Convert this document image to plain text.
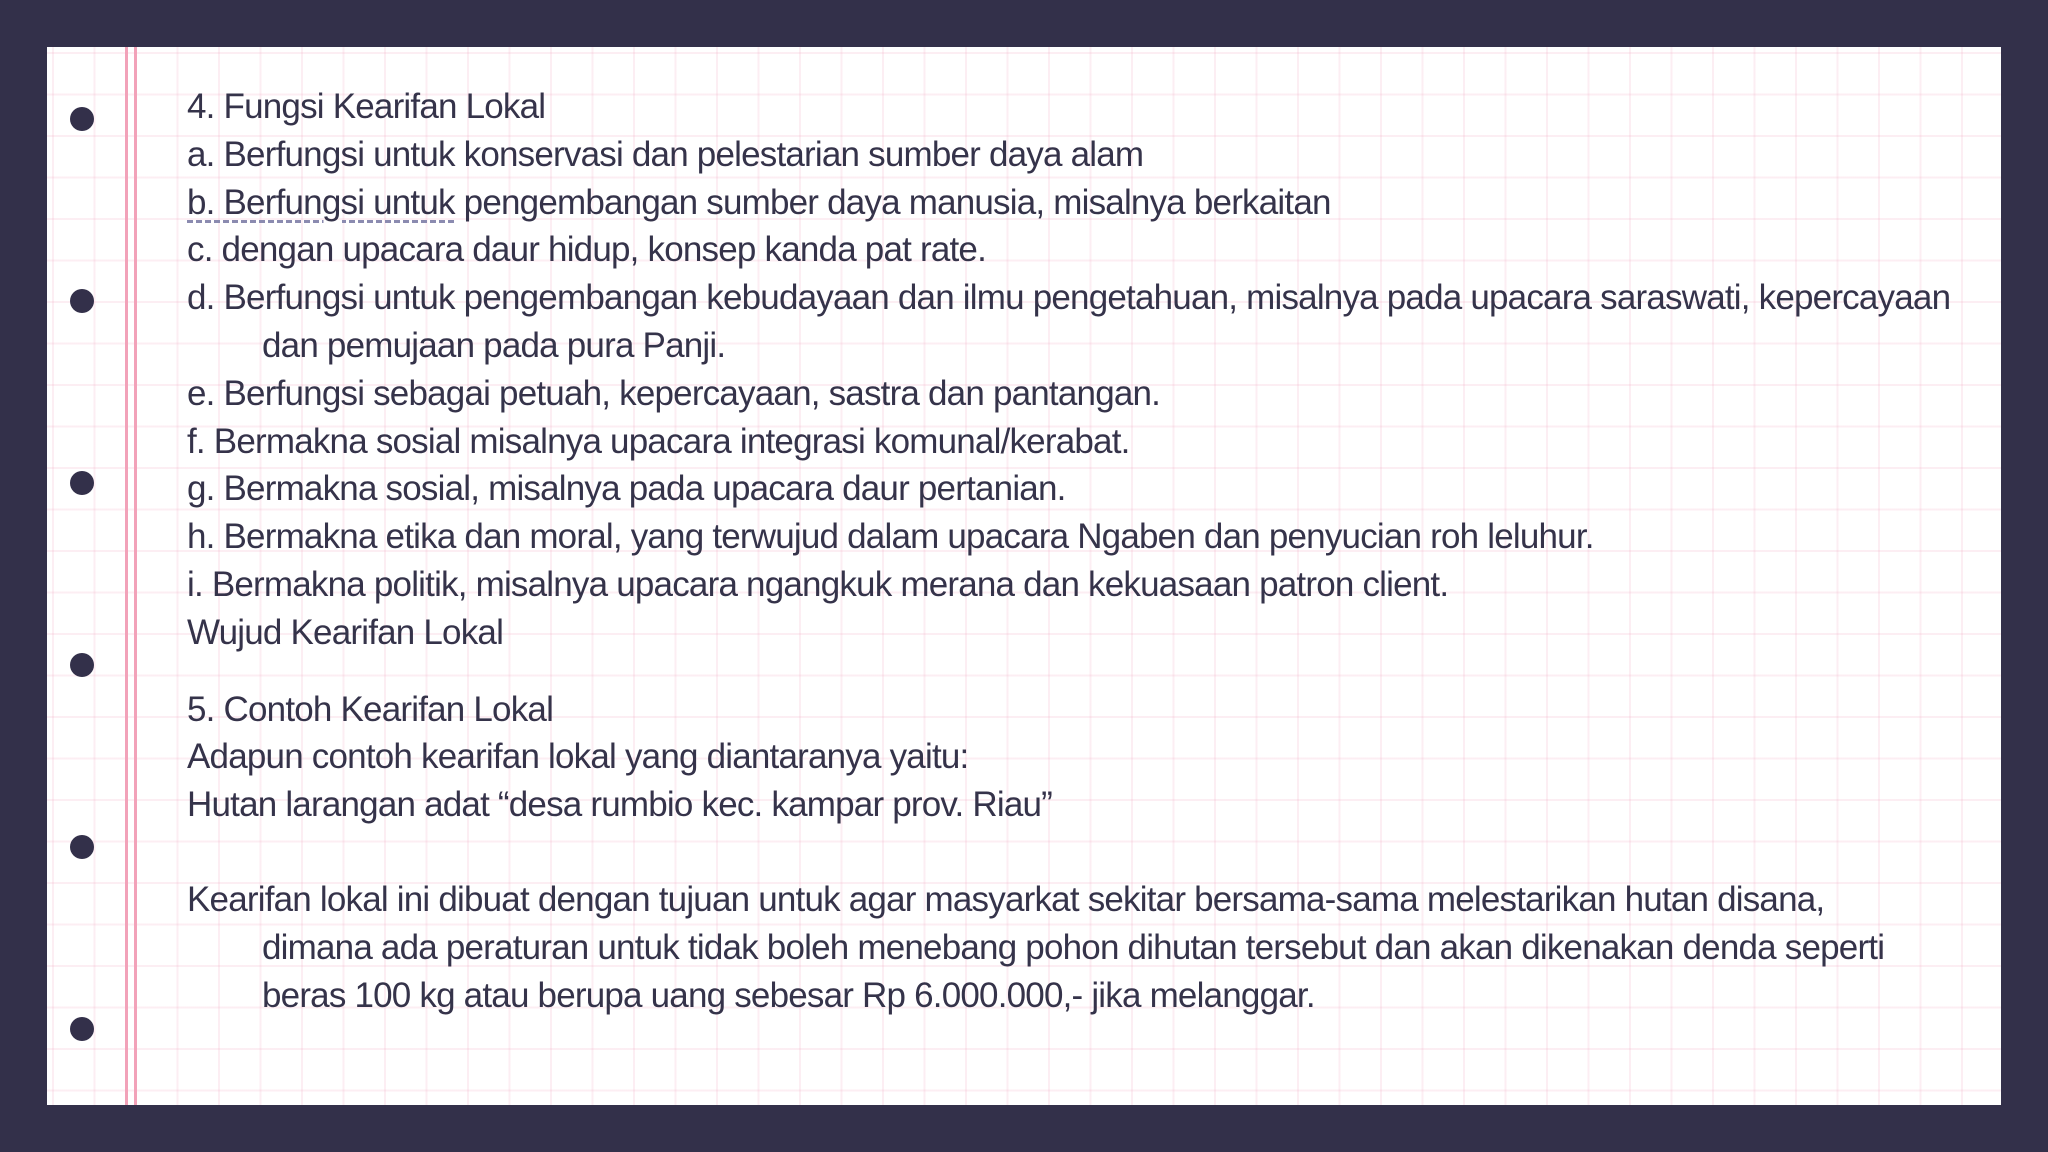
4. Fungsi Kearifan Lokal
a. Berfungsi untuk konservasi dan pelestarian sumber daya alam
b. Berfungsi untuk pengembangan sumber daya manusia, misalnya berkaitan
c. dengan upacara daur hidup, konsep kanda pat rate.
d. Berfungsi untuk pengembangan kebudayaan dan ilmu pengetahuan, misalnya pada upacara saraswati, kepercayaan
dan pemujaan pada pura Panji.
e. Berfungsi sebagai petuah, kepercayaan, sastra dan pantangan.
f. Bermakna sosial misalnya upacara integrasi komunal/kerabat.
g. Bermakna sosial, misalnya pada upacara daur pertanian.
h. Bermakna etika dan moral, yang terwujud dalam upacara Ngaben dan penyucian roh leluhur.
i. Bermakna politik, misalnya upacara ngangkuk merana dan kekuasaan patron client.
Wujud Kearifan Lokal
5. Contoh Kearifan Lokal
Adapun contoh kearifan lokal yang diantaranya yaitu:
Hutan larangan adat “desa rumbio kec. kampar prov. Riau”
Kearifan lokal ini dibuat dengan tujuan untuk agar masyarkat sekitar bersama-sama melestarikan hutan disana,
dimana ada peraturan untuk tidak boleh menebang pohon dihutan tersebut dan akan dikenakan denda seperti
beras 100 kg atau berupa uang sebesar Rp 6.000.000,- jika melanggar.
